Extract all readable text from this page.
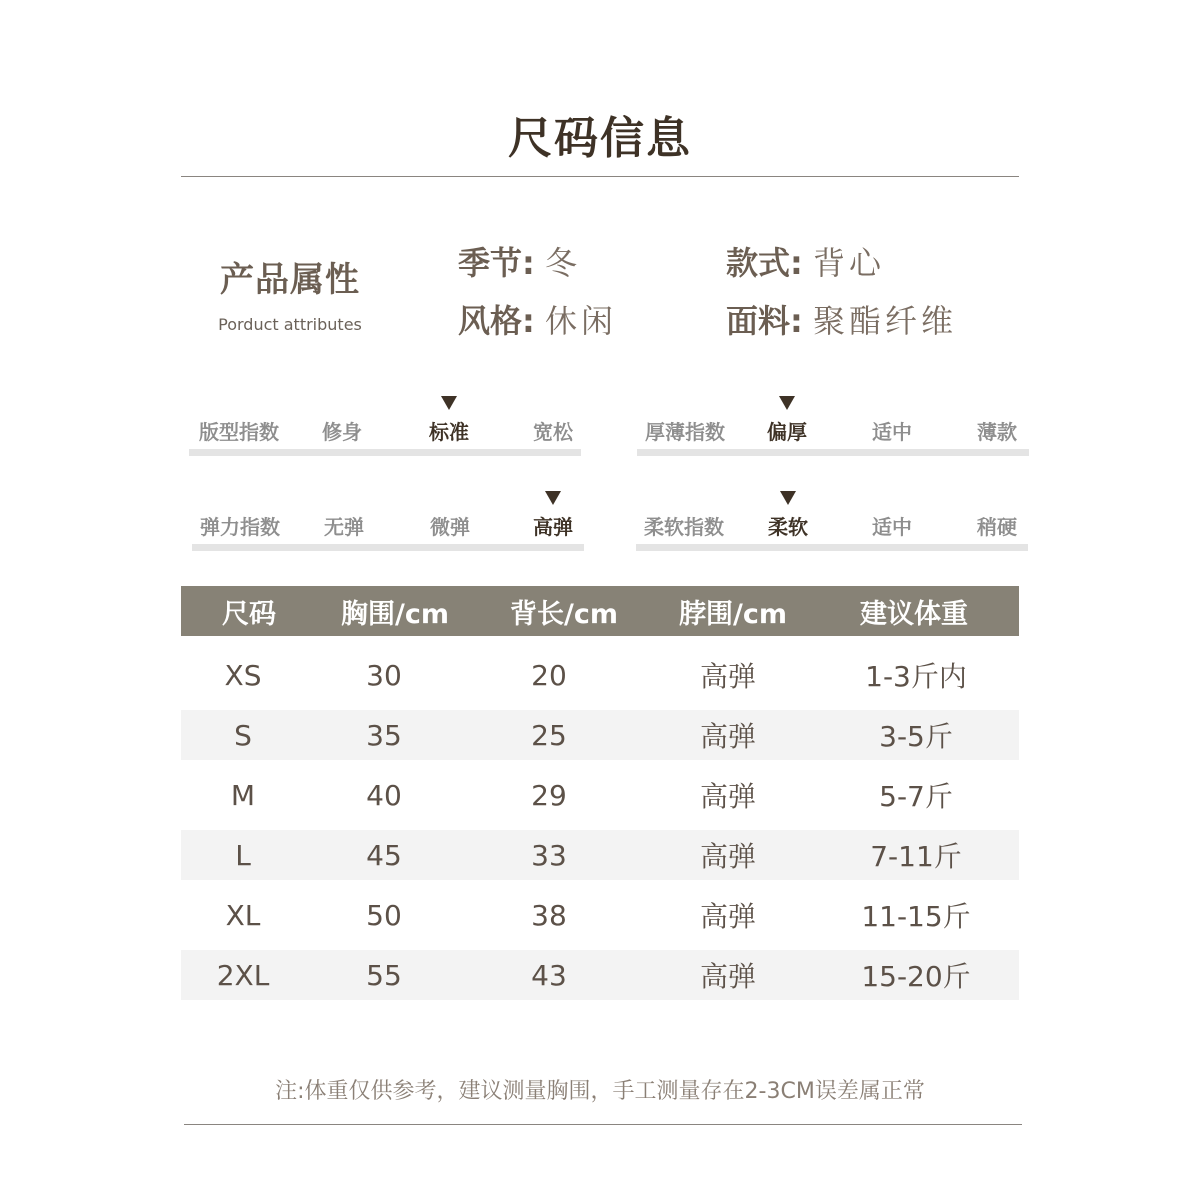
尺码信息
产品属性
Porduct attributes
季节: 冬	款式: 背心
风格: 休闲	面料: 聚酯纤维
版型指数 修身	标准	宽松	厚薄指数 偏厚	适中	薄款
弹力指数 无弹	微弹	高弹	柔软指数 柔软	适中	稍硬
尺码 胸围/cm 背长/cm 脖围/cm	建议体重
XS	30	20	高弹	1-3斤内
S	35	25	高弹	3-5斤
M	40	29	高弹	5-7斤
L	45	33	高弹	7-11斤
XL	50	38	高弹	11-15斤
2XL	55	43	高弹	15-20斤
注:体重仅供参考，建议测量胸围，手工测量存在2-3CM误差属正常
